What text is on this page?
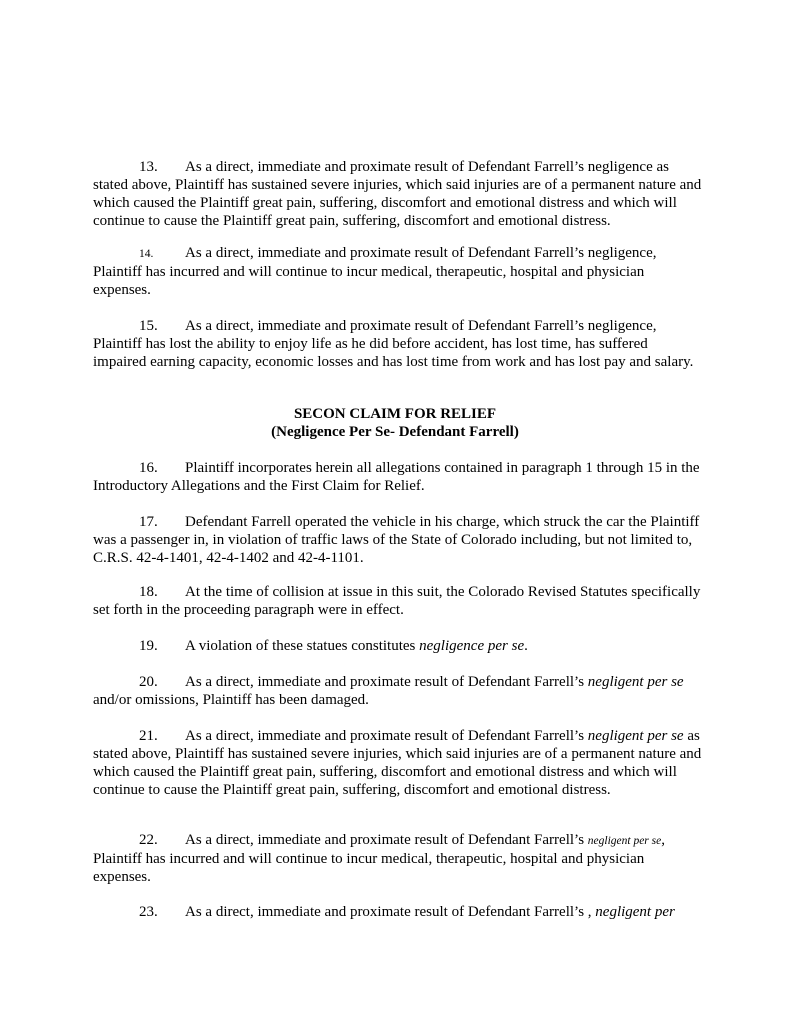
13. As a direct, immediate and proximate result of Defendant Farrell’s negligence as stated above, Plaintiff has sustained severe injuries, which said injuries are of a permanent nature and which caused the Plaintiff great pain, suffering, discomfort and emotional distress and which will continue to cause the Plaintiff great pain, suffering, discomfort and emotional distress.

14. As a direct, immediate and proximate result of Defendant Farrell’s negligence, Plaintiff has incurred and will continue to incur medical, therapeutic, hospital and physician expenses.

15. As a direct, immediate and proximate result of Defendant Farrell’s negligence, Plaintiff has lost the ability to enjoy life as he did before accident, has lost time, has suffered impaired earning capacity, economic losses and has lost time from work and has lost pay and salary.

SECON CLAIM FOR RELIEF

(Negligence Per Se- Defendant Farrell)

16. Plaintiff incorporates herein all allegations contained in paragraph 1 through 15 in the Introductory Allegations and the First Claim for Relief.

17. Defendant Farrell operated the vehicle in his charge, which struck the car the Plaintiff was a passenger in, in violation of traffic laws of the State of Colorado including, but not limited to, C.R.S. 42-4-1401, 42-4-1402 and 42-4-1101.

18. At the time of collision at issue in this suit, the Colorado Revised Statutes specifically set forth in the proceeding paragraph were in effect.

19. A violation of these statues constitutes negligence per se.

20. As a direct, immediate and proximate result of Defendant Farrell’s negligent per se and/or omissions, Plaintiff has been damaged.

21. As a direct, immediate and proximate result of Defendant Farrell’s negligent per se as stated above, Plaintiff has sustained severe injuries, which said injuries are of a permanent nature and which caused the Plaintiff great pain, suffering, discomfort and emotional distress and which will continue to cause the Plaintiff great pain, suffering, discomfort and emotional distress.

22. As a direct, immediate and proximate result of Defendant Farrell’s negligent per se, Plaintiff has incurred and will continue to incur medical, therapeutic, hospital and physician expenses.

23. As a direct, immediate and proximate result of Defendant Farrell’s , negligent per
